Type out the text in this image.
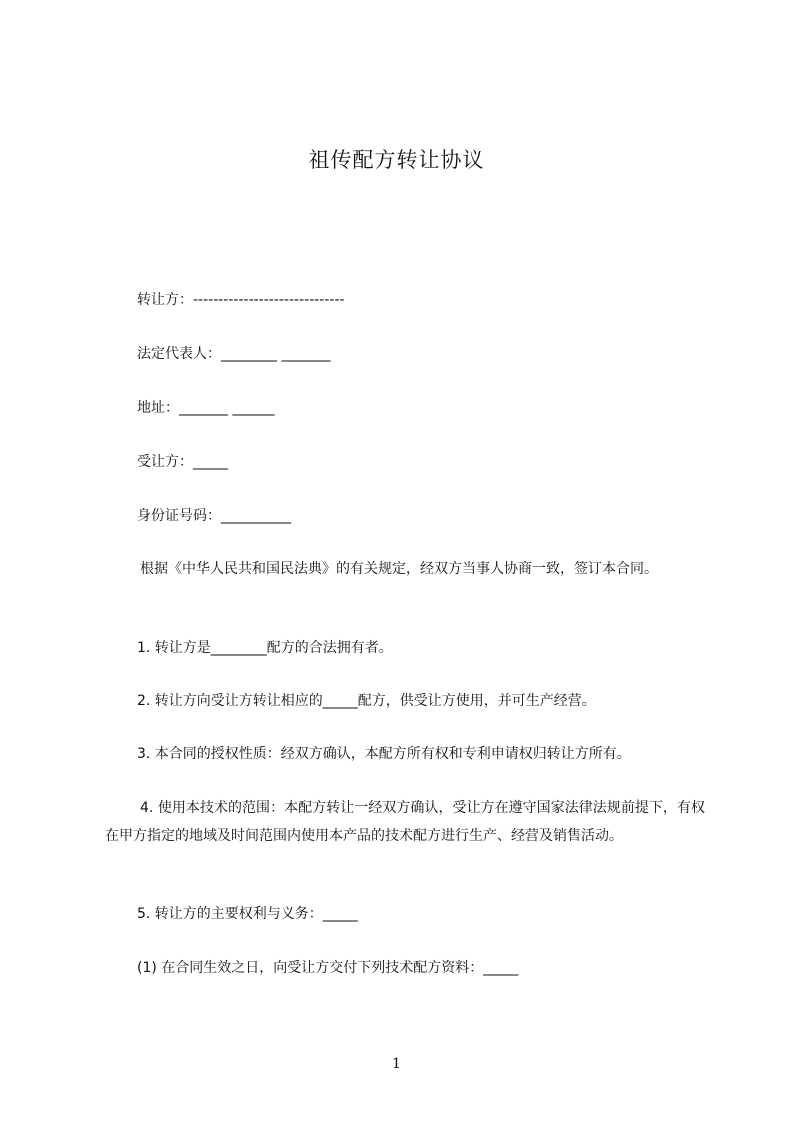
祖传配方转让协议
转让方：------------------------------
法定代表人：________ _______
地址：_______ ______
受让方：_____
身份证号码：__________
根据《中华人民共和国民法典》的有关规定，经双方当事人协商一致，签订本合同。
1. 转让方是________配方的合法拥有者。
2. 转让方向受让方转让相应的_____配方，供受让方使用，并可生产经营。
3. 本合同的授权性质：经双方确认，本配方所有权和专利申请权归转让方所有。
4. 使用本技术的范围：本配方转让一经双方确认，受让方在遵守国家法律法规前提下，有权在甲方指定的地域及时间范围内使用本产品的技术配方进行生产、经营及销售活动。
5. 转让方的主要权利与义务：_____
(1) 在合同生效之日，向受让方交付下列技术配方资料：_____
1
